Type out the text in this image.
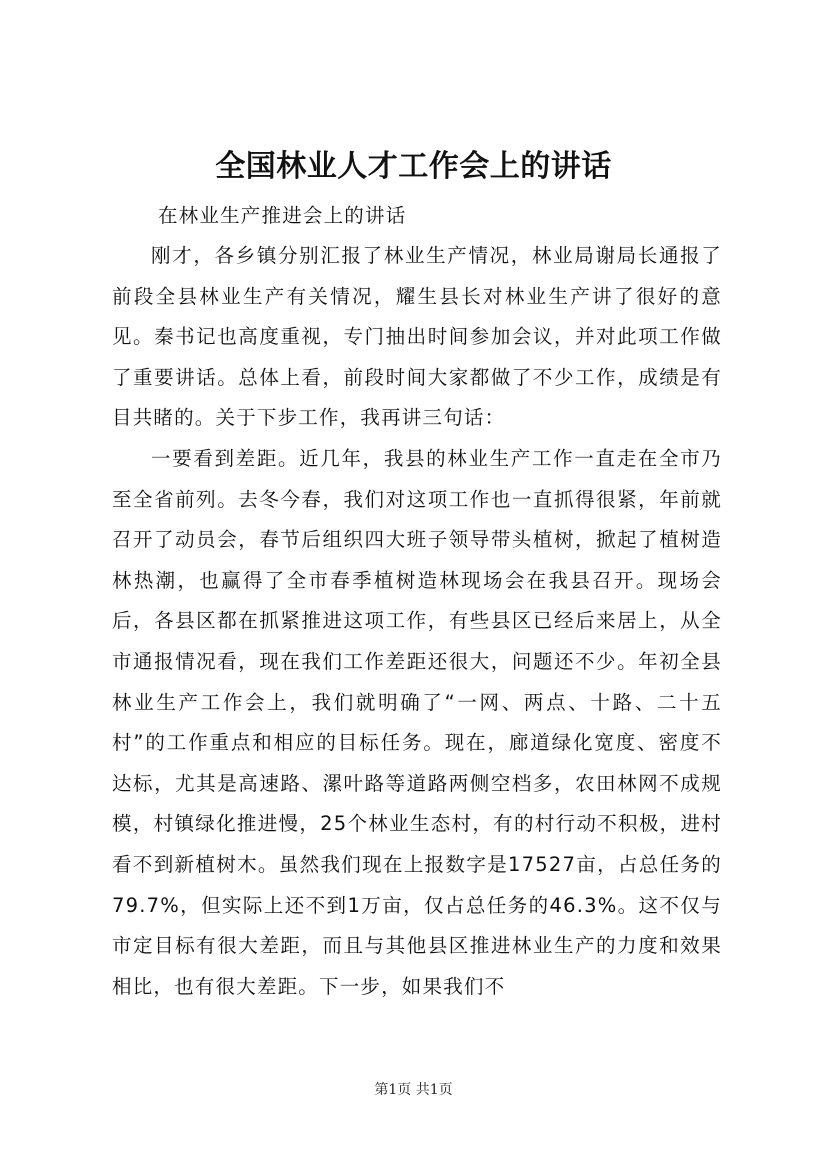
全国林业人才工作会上的讲话
在林业生产推进会上的讲话

刚才，各乡镇分别汇报了林业生产情况，林业局谢局长通报了前段全县林业生产有关情况，耀生县长对林业生产讲了很好的意见。秦书记也高度重视，专门抽出时间参加会议，并对此项工作做了重要讲话。总体上看，前段时间大家都做了不少工作，成绩是有目共睹的。关于下步工作，我再讲三句话：

一要看到差距。近几年，我县的林业生产工作一直走在全市乃至全省前列。去冬今春，我们对这项工作也一直抓得很紧，年前就召开了动员会，春节后组织四大班子领导带头植树，掀起了植树造林热潮，也赢得了全市春季植树造林现场会在我县召开。现场会后，各县区都在抓紧推进这项工作，有些县区已经后来居上，从全市通报情况看，现在我们工作差距还很大，问题还不少。年初全县林业生产工作会上，我们就明确了“一网、两点、十路、二十五村”的工作重点和相应的目标任务。现在，廊道绿化宽度、密度不达标，尤其是高速路、漯叶路等道路两侧空档多，农田林网不成规模，村镇绿化推进慢，25个林业生态村，有的村行动不积极，进村看不到新植树木。虽然我们现在上报数字是17527亩，占总任务的79.7%，但实际上还不到1万亩，仅占总任务的46.3%。这不仅与市定目标有很大差距，而且与其他县区推进林业生产的力度和效果相比，也有很大差距。下一步，如果我们不

第1页 共1页
